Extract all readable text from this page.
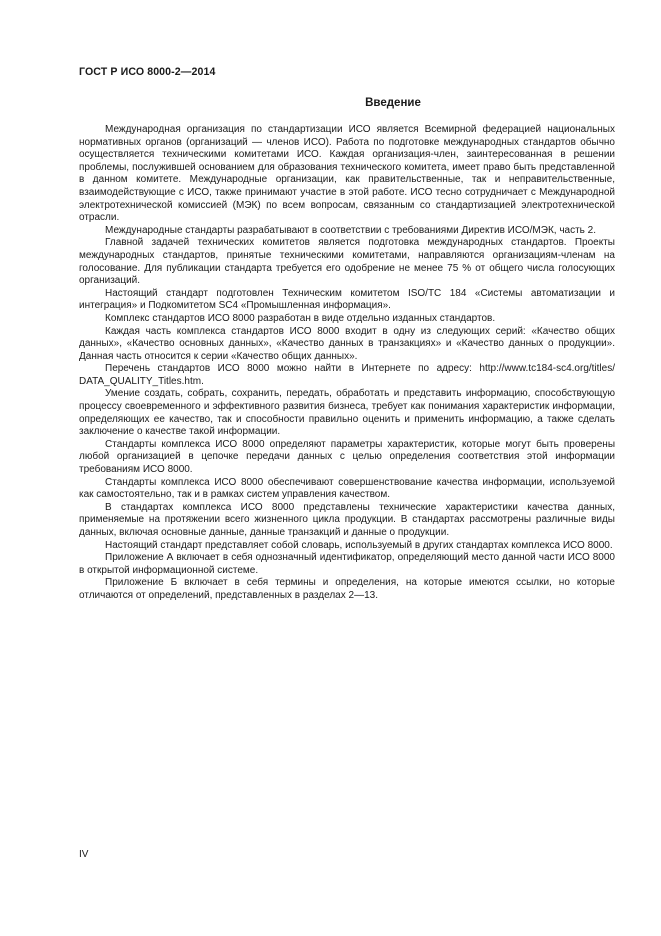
ГОСТ Р ИСО 8000-2—2014
Введение

Международная организация по стандартизации ИСО является Всемирной федерацией национальных нормативных органов (организаций — членов ИСО). Работа по подготовке международных стандартов обычно осуществляется техническими комитетами ИСО. Каждая организация-член, заинтересованная в решении проблемы, послужившей основанием для образования технического комитета, имеет право быть представленной в данном комитете. Международные организации, как правительственные, так и неправительственные, взаимодействующие с ИСО, также принимают участие в этой работе. ИСО тесно сотрудничает с Международной электротехнической комиссией (МЭК) по всем вопросам, связанным со стандартизацией электротехнической отрасли.

Международные стандарты разрабатывают в соответствии с требованиями Директив ИСО/МЭК, часть 2.

Главной задачей технических комитетов является подготовка международных стандартов. Проекты международных стандартов, принятые техническими комитетами, направляются организациям-членам на голосование. Для публикации стандарта требуется его одобрение не менее 75 % от общего числа голосующих организаций.

Настоящий стандарт подготовлен Техническим комитетом ISO/TC 184 «Системы автоматизации и интеграция» и Подкомитетом SC4 «Промышленная информация».

Комплекс стандартов ИСО 8000 разработан в виде отдельно изданных стандартов.

Каждая часть комплекса стандартов ИСО 8000 входит в одну из следующих серий: «Качество общих данных», «Качество основных данных», «Качество данных в транзакциях» и «Качество данных о продукции». Данная часть относится к серии «Качество общих данных».

Перечень стандартов ИСО 8000 можно найти в Интернете по адресу: http://www.tc184-sc4.org/titles/ DATA_QUALITY_Titles.htm.

Умение создать, собрать, сохранить, передать, обработать и представить информацию, способствующую процессу своевременного и эффективного развития бизнеса, требует как понимания характеристик информации, определяющих ее качество, так и способности правильно оценить и применить информацию, а также сделать заключение о качестве такой информации.

Стандарты комплекса ИСО 8000 определяют параметры характеристик, которые могут быть проверены любой организацией в цепочке передачи данных с целью определения соответствия этой информации требованиям ИСО 8000.

Стандарты комплекса ИСО 8000 обеспечивают совершенствование качества информации, используемой как самостоятельно, так и в рамках систем управления качеством.

В стандартах комплекса ИСО 8000 представлены технические характеристики качества данных, применяемые на протяжении всего жизненного цикла продукции. В стандартах рассмотрены различные виды данных, включая основные данные, данные транзакций и данные о продукции.

Настоящий стандарт представляет собой словарь, используемый в других стандартах комплекса ИСО 8000.

Приложение А включает в себя однозначный идентификатор, определяющий место данной части ИСО 8000 в открытой информационной системе.

Приложение Б включает в себя термины и определения, на которые имеются ссылки, но которые отличаются от определений, представленных в разделах 2—13.

IV
